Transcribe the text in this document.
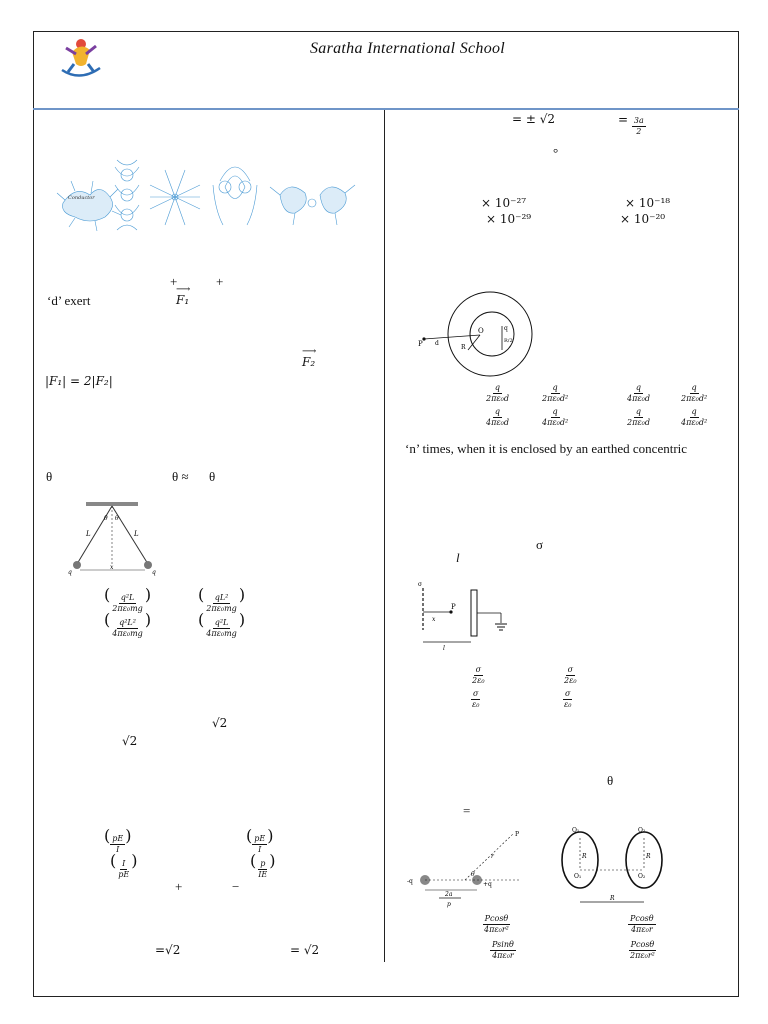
Saratha International School
Conductor
+	+
‘d’ exert
⟶
F₁
⟶
F₂
|F₁| = 2|F₂|
θ	θ ≈ θ
L	L
θ θ
q
x
q
( $\frac{\text{q²L}}{\text{2πε₀mg}}$ )	( $\frac{\text{qL²}}{\text{2πε₀mg}}$ )
( $\frac{\text{q²L²}}{\text{4πε₀mg}}$ )	( $\frac{\text{q²L}}{\text{4πε₀mg}}$ )
√2
√2
( $\frac{pE}{I}$ )	( $\frac{pE}{I}$ )
( $\frac{I}{pE}$ )	( $\frac{p}{IE}$ )
+	−
=√2	= √2
= ± √2	= $\frac{3a}{2}$
°
× 10⁻²⁷	× 10⁻¹⁸
× 10⁻²⁹	× 10⁻²⁰
P d
O
R
q
R/2
$\frac{q}{\text{2πε₀d}}$	$\frac{q}{\text{2πε₀d²}}$	$\frac{q}{\text{4πε₀d}}$	$\frac{q}{\text{2πε₀d²}}$
$\frac{q}{\text{4πε₀d}}$	$\frac{q}{\text{4πε₀d²}}$	$\frac{q}{\text{2πε₀d}}$	$\frac{q}{\text{4πε₀d²}}$
‘n’ times, when it is enclosed by an earthed concentric
σ
l
σ
P
x
l
$\frac{\sigma}{\text{2ε₀}}$	$\frac{\sigma}{\text{2ε₀}}$
$\frac{\sigma}{\text{ε₀}}$	$\frac{\sigma}{\text{ε₀}}$
θ
=
-q	+q
2a
p
P
r
θ
Q₁	Q₂
R	R
O₁	O₂
R
$\frac{Pcos\theta}{\text{4πε₀r²}}$	$\frac{Pcos\theta}{\text{4πε₀r}}$
$\frac{Psin\theta}{\text{4πε₀r}}$	$\frac{Pcos\theta}{\text{2πε₀r²}}$
